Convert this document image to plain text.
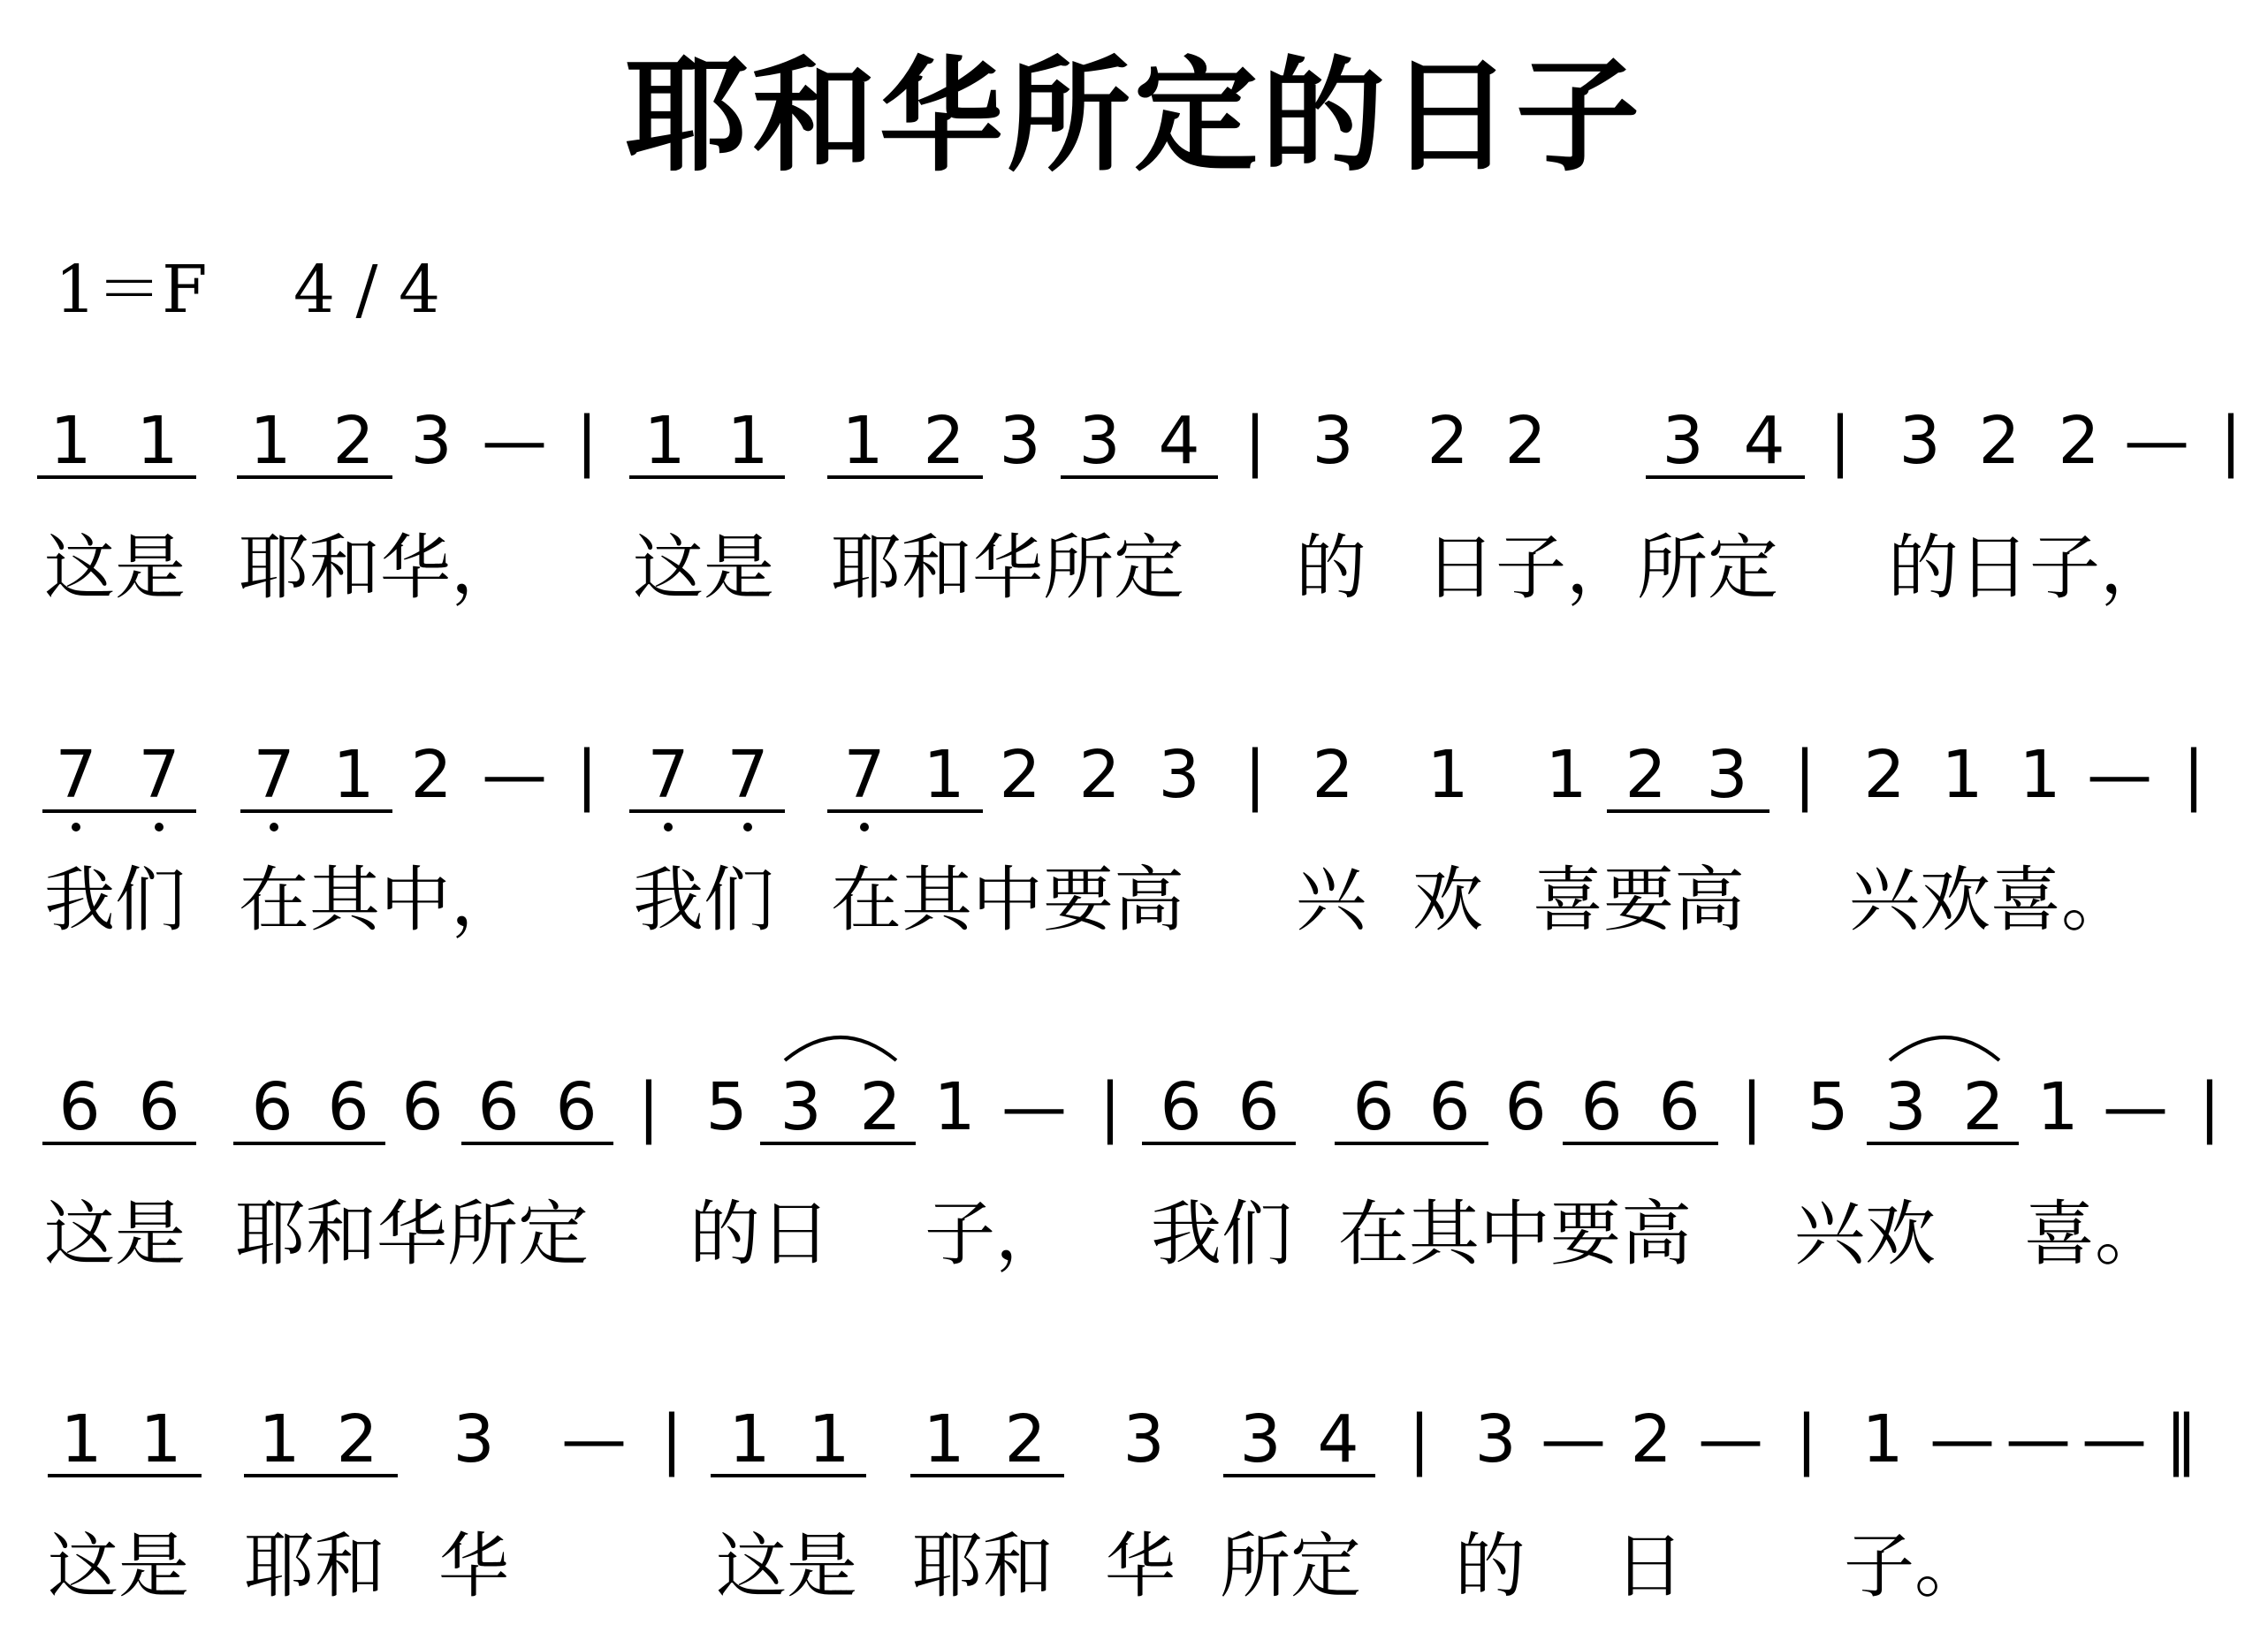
耶和华所定的日子
1＝F　 4 / 4
1 1 1 2 3 — | 1 1 1 2 3 3 4 | 3 2 2 3 4 | 3 2 2 — |
这是 耶和华， 这是 耶和华所定 的 日子，所定 的日子，
7 7 7 1 2 — | 7 7 7 1 2 2 3 | 2 1 1 2 3 | 2 1 1 — |
我们 在其中， 我们 在其中要高 兴 欢 喜要高 兴欢喜。
6 6 6 6 6 6 6 | 5 3 2 1 — | 6 6 6 6 6 6 6 | 5 3 2 1 — |
这是 耶和华所定 的日 子， 我们 在其中要高 兴欢 喜。
1 1 1 2 3 — | 1 1 1 2 3 3 4 | 3 — 2 — | 1 — — — ‖
这是 耶和 华	这是 耶和 华 所定 的 日 子。
